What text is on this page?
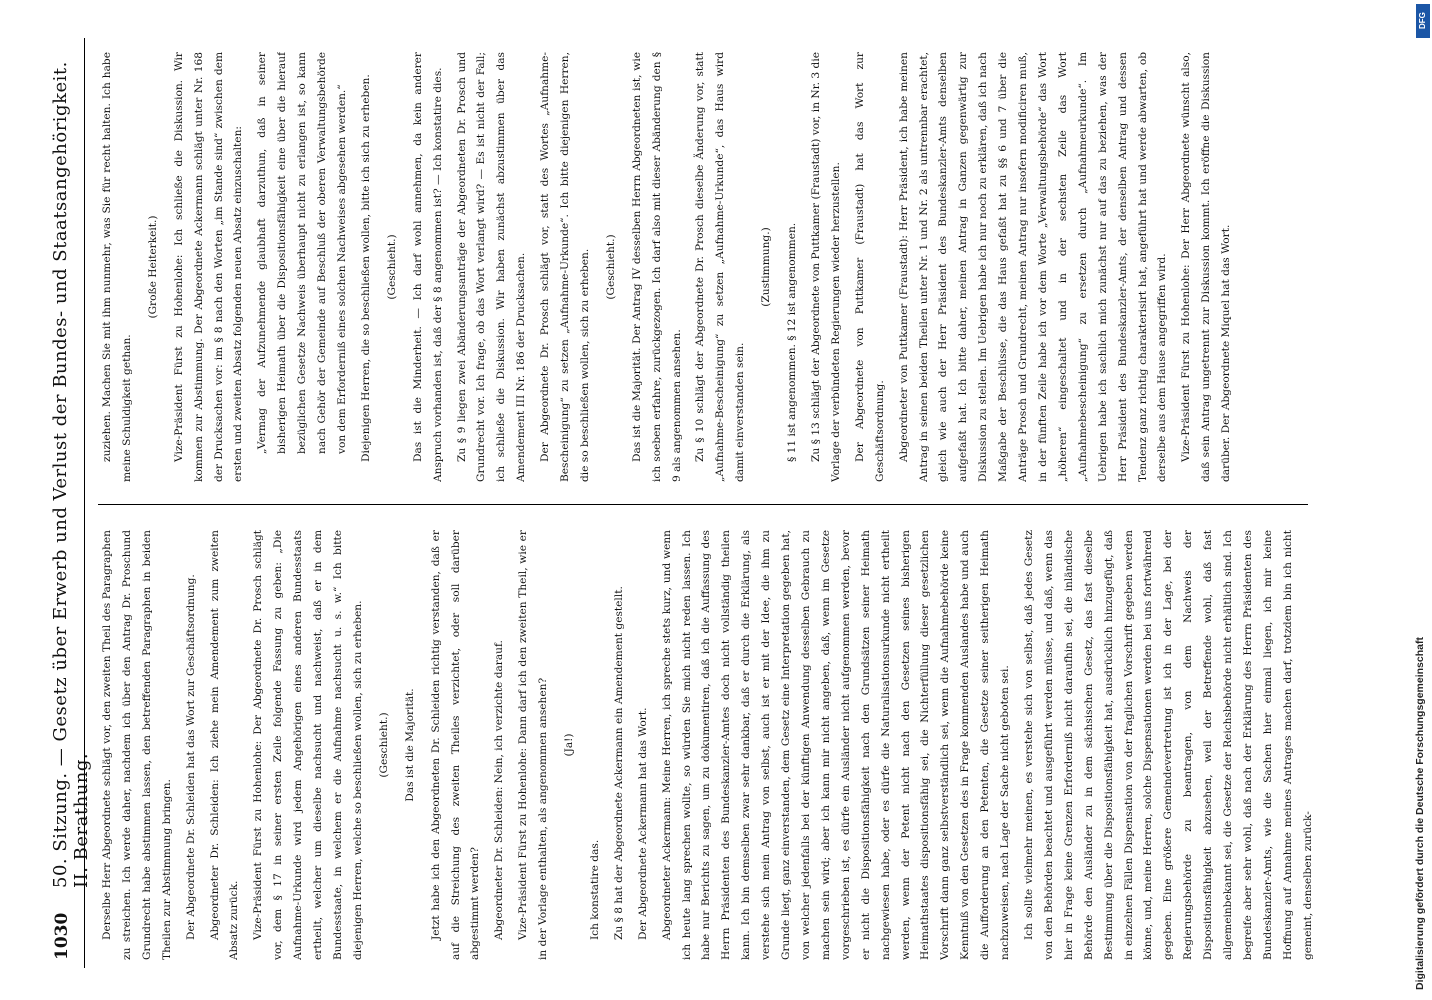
1030
50. Sitzung. — Gesetz über Erwerb und Verlust der Bundes- und Staatsangehörigkeit. II. Berathung. Derselbe Herr Abgeordnete schlägt vor, den zweiten Theil des Paragraphen zu streichen. Ich werde daher, nachdem ich über den Antrag Dr. Proschund Grundrecht habe abstimmen lassen, den betreffenden Paragraphen in beiden Theilen zur Abstimmung bringen.	Der Abgeordnete Dr. Schleiden hat das Wort zur Geschäftsordnung.	Abgeordneter Dr. Schleiden: Ich ziehe mein Amendement zum zweiten Absatz zurück.	Vize-Präsident Fürst zu Hohenlohe: Der Abgeordnete Dr. Prosch schlägt vor, dem § 17 in seiner ersten Zeile folgende Fassung zu geben: „Die Aufnahme-Urkunde wird jedem Angehörigen eines anderen Bundesstaats ertheilt, welcher um dieselbe nachsucht und nachweist, daß er in dem Bundesstaate, in welchem er die Aufnahme nachsucht u. s. w.“ Ich bitte diejenigen Herren, welche so beschließen wollen, sich zu erheben.	(Geschieht.)	Das ist die Majorität.	Jetzt habe ich den Abgeordneten Dr. Schleiden richtig verstanden, daß er auf die Streichung des zweiten Theiles verzichtet, oder soll darüber abgestimmt werden?	Abgeordneter Dr. Schleiden: Nein, ich verzichte darauf.	Vize-Präsident Fürst zu Hohenlohe: Dann darf ich den zweiten Theil, wie er in der Vorlage enthalten, als angenommen ansehen?	(Ja!)

Ich konstatire das.	Zu § 8 hat der Abgeordnete Ackermann ein Amendement gestellt.	Der Abgeordnete Ackermann hat das Wort.	Abgeordneter Ackermann: Meine Herren, ich spreche stets kurz, und wenn ich heute lang sprechen wollte, so würden Sie mich nicht reden lassen. Ich habe nur Berichts zu sagen, um zu dokumentiren, daß ich die Auffassung des Herrn Präsidenten des Bundeskanzler-Amtes doch nicht vollständig theilen kann. Ich bin demselben zwar sehr dankbar, daß er durch die Erklärung, als verstehe sich mein Antrag von selbst, auch ist er mit der Idee, die ihm zu Grunde liegt, ganz einverstanden, dem Gesetz eine Interpretation gegeben hat, von welcher jedenfalls bei der künftigen Anwendung desselben Gebrauch zu machen sein wird; aber ich kann mir nicht angeben, daß, wenn im Gesetze vorgeschrieben ist, es dürfe ein Ausländer nicht aufgenommen werden, bevor er nicht die Dispositionsfähigkeit nach den Grundsätzen seiner Heimath nachgewiesen habe, oder es dürfe die Naturalisationsurkunde nicht ertheilt werden, wenn der Petent nicht nach den Gesetzen seines bisherigen Heimathstaates dispositionsfähig sei, die Nichterfüllung dieser gesetzlichen Vorschrift dann ganz selbstverständlich sei, wenn die Aufnahmebehörde keine Kenntniß von den Gesetzen des in Frage kommenden Auslandes habe und auch die Aufforderung an den Petenten, die Gesetze seiner seitherigen Heimath nachzuweisen, nach Lage der Sache nicht geboten sei.	Ich sollte vielmehr meinen, es verstehe sich von selbst, daß jedes Gesetz von den Behörden beachtet und ausgeführt werden müsse, und daß, wenn das hier in Frage keine Grenzen Erforderniß nicht daraufhin sei, die inländische Behörde den Ausländer zu in dem sächsischen Gesetz, das fast dieselbe Bestimmung über die Dispositionsfähigkeit hat, ausdrücklich hinzugefügt, daß in einzelnen Fällen Dispensation von der fraglichen Vorschrift gegeben werden könne, und, meine Herren, solche Dispensationen werden bei uns fortwährend gegeben. Eine größere Gemeindevertretung ist ich in der Lage, bei der Regierungsbehörde zu beantragen, von dem Nachweis der Dispositionsfähigkeit abzusehen, weil der Betreffende wohl, daß fast allgemeinbekannt sei, die Gesetze der Reichsbehörde nicht erhältlich sind. Ich begreife aber sehr wohl, daß nach der Erklärung des Herrn Präsidenten des Bundeskanzler-Amts, wie die Sachen hier einmal liegen, ich mir keine Hoffnung auf Annahme meines Antrages machen darf, trotzdem bin ich nicht gemeint, denselben zurück-

zuziehen. Machen Sie mit ihm nunmehr, was Sie für recht halten. Ich habe meine Schuldigkeit gethan.

(Große Heiterkeit.)	Vize-Präsident Fürst zu Hohenlohe: Ich schließe die Diskussion. Wir kommen zur Abstimmung. Der Abgeordnete Ackermann schlägt unter Nr. 168 der Drucksachen vor: im § 8 nach den Worten „im Stande sind“ zwischen dem ersten und zweiten Absatz folgenden neuen Absatz einzuschalten:	„Vermag der Aufzunehmende glaubhaft darzuthun, daß in seiner bisherigen Heimath über die Dispositionsfähigkeit eine über die hierauf bezüglichen Gesetze Nachweis überhaupt nicht zu erlangen ist, so kann nach Gehör der Gemeinde auf Beschluß der oberen Verwaltungsbehörde von dem Erforderniß eines solchen Nachweises abgesehen werden.“	Diejenigen Herren, die so beschließen wollen, bitte ich sich zu erheben.	(Geschieht.)	Das ist die Minderheit. — Ich darf wohl annehmen, da kein anderer Anspruch vorhanden ist, daß der § 8 angenommen ist? — Ich konstatire dies.	Zu § 9 liegen zwei Abänderungsanträge der Abgeordneten Dr. Prosch und Grundrecht vor. Ich frage, ob das Wort verlangt wird? — Es ist nicht der Fall; ich schließe die Diskussion. Wir haben zunächst abzustimmen über das Amendement III Nr. 186 der Drucksachen.	Der Abgeordnete Dr. Prosch schlägt vor, statt des Wortes „Aufnahme-Bescheinigung“ zu setzen „Aufnahme-Urkunde“. Ich bitte diejenigen Herren, die so beschließen wollen, sich zu erheben.	(Geschieht.)	Das ist die Majorität. Der Antrag IV desselben Herrn Abgeordneten ist, wie ich soeben erfahre, zurückgezogen. Ich darf also mit dieser Abänderung den § 9 als angenommen ansehen.	Zu § 10 schlägt der Abgeordnete Dr. Prosch dieselbe Änderung vor, statt „Aufnahme-Bescheinigung“ zu setzen „Aufnahme-Urkunde“, das Haus wird damit einverstanden sein.

(Zustimmung.)	§ 11 ist angenommen. § 12 ist angenommen.	Zu § 13 schlägt der Abgeordnete von Puttkamer (Fraustadt) vor, in Nr. 3 die Vorlage der verbündeten Regierungen wieder herzustellen.	Der Abgeordnete von Puttkamer (Fraustadt) hat das Wort zur Geschäftsordnung.	Abgeordneter von Puttkamer (Fraustadt): Herr Präsident, ich habe meinen Antrag in seinen beiden Theilen unter Nr. 1 und Nr. 2 als untrennbar erachtet, gleich wie auch der Herr Präsident des Bundeskanzler-Amts denselben aufgefaßt hat. Ich bitte daher, meinen Antrag in Ganzen gegenwärtig zur Diskussion zu stellen. Im Uebrigen habe ich nur noch zu erklären, daß ich nach Maßgabe der Beschlüsse, die das Haus gefaßt hat zu §§ 6 und 7 über die Anträge Prosch und Grundrecht, meinen Antrag nur insofern modificiren muß, in der fünften Zeile habe ich vor dem Worte „Verwaltungsbehörde“ das Wort „höheren“ eingeschaltet und in der sechsten Zeile das Wort „Aufnahmebescheinigung“ zu ersetzen durch „Aufnahmeurkunde“. Im Uebrigen habe ich sachlich mich zunächst nur auf das zu beziehen, was der Herr Präsident des Bundeskanzler-Amts, der denselben Antrag und dessen Tendenz ganz richtig charakterisirt hat, angeführt hat und werde abwarten, ob derselbe aus dem Hause angegriffen wird.	Vize-Präsident Fürst zu Hohenlohe: Der Herr Abgeordnete wünscht also, daß sein Antrag ungetrennt zur Diskussion kommt. Ich eröffne die Diskussion darüber. Der Abgeordnete Miquel hat das Wort.

DFG
Digitalisierung gefördert durch die Deutsche Forschungsgemeinschaft
